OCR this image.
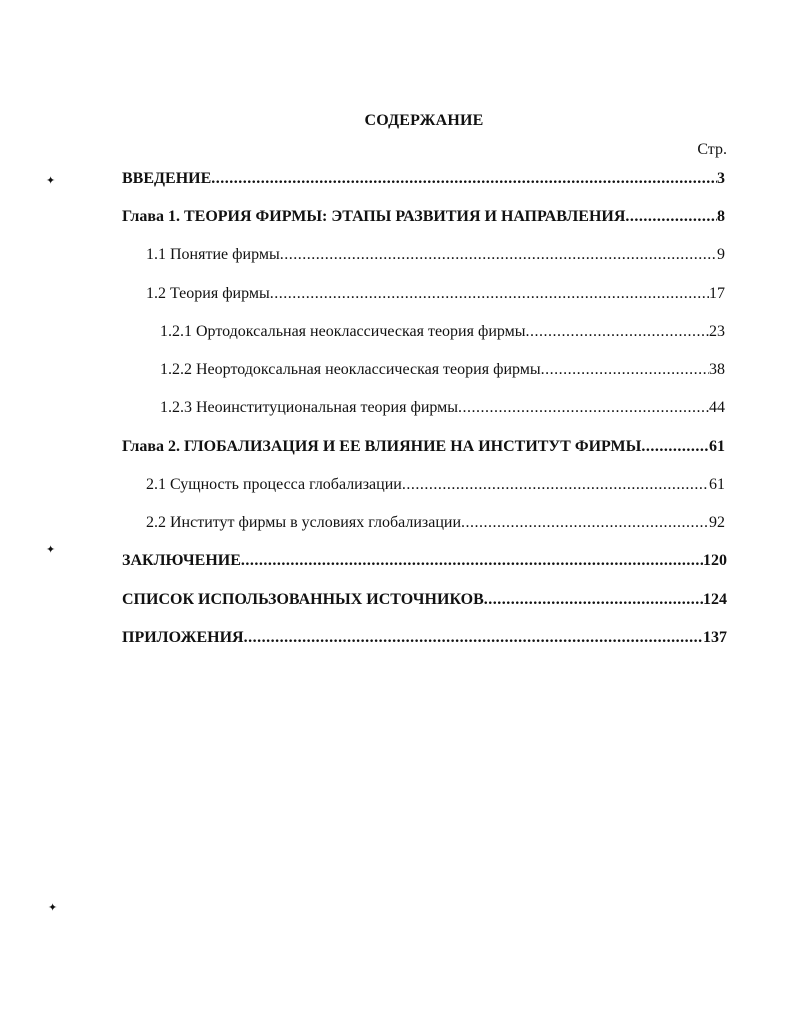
СОДЕРЖАНИЕ
Стр.
ВВЕДЕНИЕ .....	3
Глава 1. ТЕОРИЯ ФИРМЫ: ЭТАПЫ РАЗВИТИЯ И НАПРАВЛЕНИЯ .....	8
1.1 Понятие фирмы .....	9
1.2 Теория фирмы .....	17
1.2.1 Ортодоксальная неоклассическая теория фирмы .....	23
1.2.2 Неортодоксальная неоклассическая теория фирмы .....	38
1.2.3 Неоинституциональная теория фирмы .....	44
Глава 2. ГЛОБАЛИЗАЦИЯ И ЕЕ ВЛИЯНИЕ НА ИНСТИТУТ ФИРМЫ .....	61
2.1 Сущность процесса глобализации .....	61
2.2 Институт фирмы в условиях глобализации .....	92
ЗАКЛЮЧЕНИЕ .....	120
СПИСОК ИСПОЛЬЗОВАННЫХ ИСТОЧНИКОВ .....	124
ПРИЛОЖЕНИЯ .....	137
✦
✦
✦
